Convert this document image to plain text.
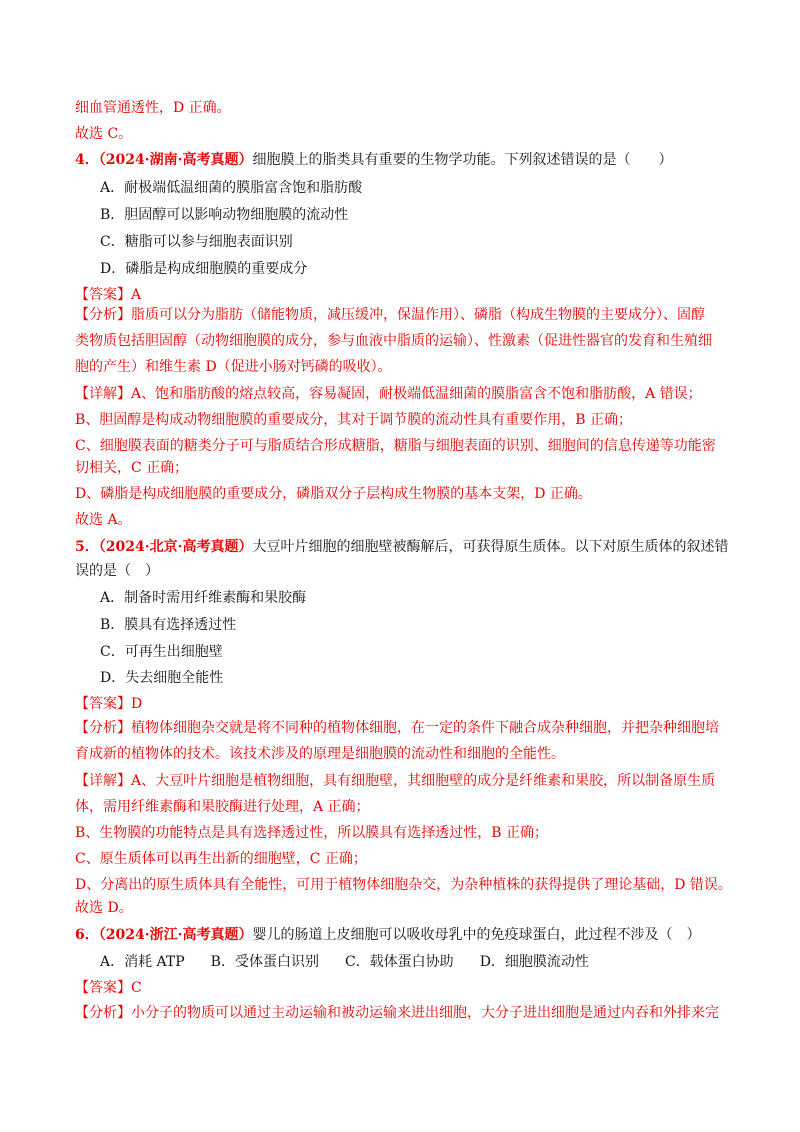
细血管通透性，D 正确。
故选 C。
4．（2024·湖南·高考真题）细胞膜上的脂类具有重要的生物学功能。下列叙述错误的是（　　）
A．耐极端低温细菌的膜脂富含饱和脂肪酸
B．胆固醇可以影响动物细胞膜的流动性
C．糖脂可以参与细胞表面识别
D．磷脂是构成细胞膜的重要成分
【答案】A
【分析】脂质可以分为脂肪（储能物质，减压缓冲，保温作用）、磷脂（构成生物膜的主要成分）、固醇
类物质包括胆固醇（动物细胞膜的成分，参与血液中脂质的运输）、性激素（促进性器官的发育和生殖细
胞的产生）和维生素 D（促进小肠对钙磷的吸收）。
【详解】A、饱和脂肪酸的熔点较高，容易凝固，耐极端低温细菌的膜脂富含不饱和脂肪酸，A 错误；
B、胆固醇是构成动物细胞膜的重要成分，其对于调节膜的流动性具有重要作用，B 正确；
C、细胞膜表面的糖类分子可与脂质结合形成糖脂，糖脂与细胞表面的识别、细胞间的信息传递等功能密
切相关，C 正确；
D、磷脂是构成细胞膜的重要成分，磷脂双分子层构成生物膜的基本支架，D 正确。
故选 A。
5．（2024·北京·高考真题）大豆叶片细胞的细胞壁被酶解后，可获得原生质体。以下对原生质体的叙述错
误的是（　）
A．制备时需用纤维素酶和果胶酶
B．膜具有选择透过性
C．可再生出细胞壁
D．失去细胞全能性
【答案】D
【分析】植物体细胞杂交就是将不同种的植物体细胞，在一定的条件下融合成杂种细胞，并把杂种细胞培
育成新的植物体的技术。该技术涉及的原理是细胞膜的流动性和细胞的全能性。
【详解】A、大豆叶片细胞是植物细胞，具有细胞壁，其细胞壁的成分是纤维素和果胶，所以制备原生质
体，需用纤维素酶和果胶酶进行处理，A 正确；
B、生物膜的功能特点是具有选择透过性，所以膜具有选择透过性，B 正确；
C、原生质体可以再生出新的细胞壁，C 正确；
D、分离出的原生质体具有全能性，可用于植物体细胞杂交，为杂种植株的获得提供了理论基础，D 错误。
故选 D。
6．（2024·浙江·高考真题）婴儿的肠道上皮细胞可以吸收母乳中的免疫球蛋白，此过程不涉及（　）
A．消耗 ATP B．受体蛋白识别 C．载体蛋白协助 D．细胞膜流动性
【答案】C
【分析】小分子的物质可以通过主动运输和被动运输来进出细胞，大分子进出细胞是通过内吞和外排来完
